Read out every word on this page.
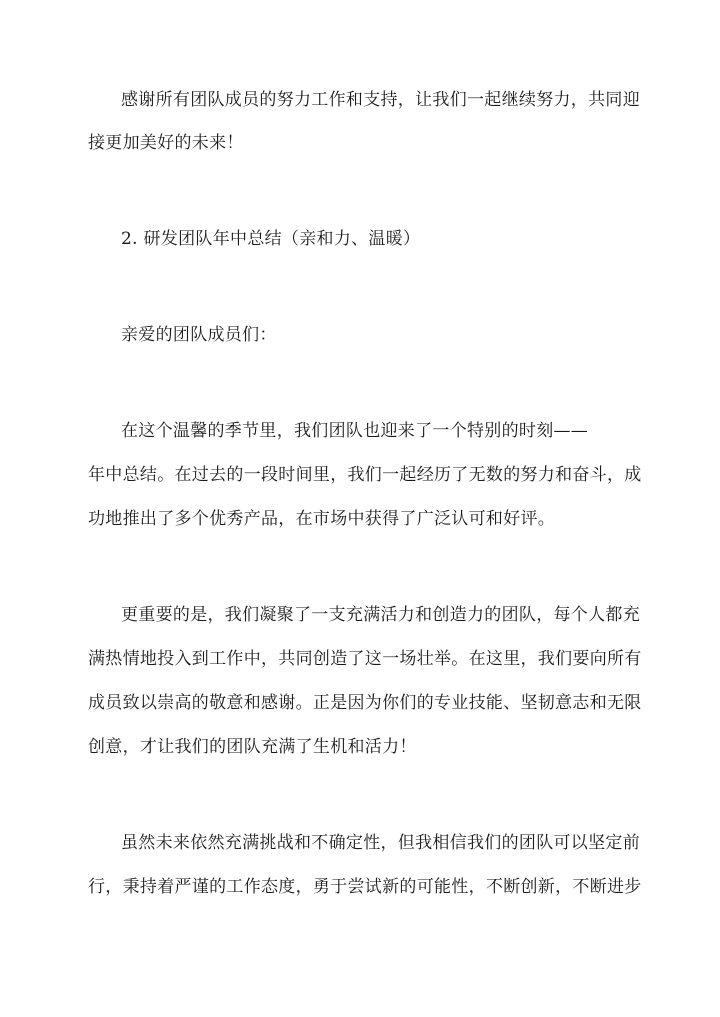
感谢所有团队成员的努力工作和支持，让我们一起继续努力，共同迎
接更加美好的未来！
2. 研发团队年中总结（亲和力、温暖）
亲爱的团队成员们：
在这个温馨的季节里，我们团队也迎来了一个特别的时刻——
年中总结。在过去的一段时间里，我们一起经历了无数的努力和奋斗，成
功地推出了多个优秀产品，在市场中获得了广泛认可和好评。
更重要的是，我们凝聚了一支充满活力和创造力的团队，每个人都充
满热情地投入到工作中，共同创造了这一场壮举。在这里，我们要向所有
成员致以崇高的敬意和感谢。正是因为你们的专业技能、坚韧意志和无限
创意，才让我们的团队充满了生机和活力！
虽然未来依然充满挑战和不确定性，但我相信我们的团队可以坚定前
行，秉持着严谨的工作态度，勇于尝试新的可能性，不断创新，不断进步
